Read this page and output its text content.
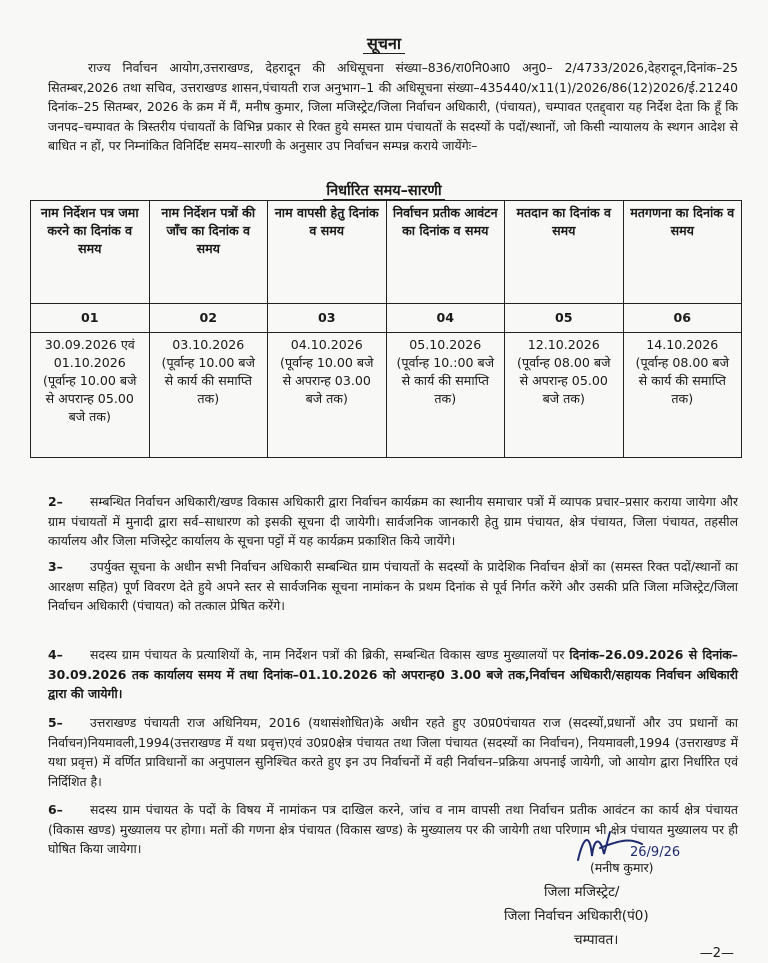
सूचना
राज्य निर्वाचन आयोग,उत्तराखण्ड, देहरादून की अधिसूचना संख्या–836/रा0नि0आ0 अनु0– 2/4733/2026,देहरादून,दिनांक–25 सितम्बर,2026 तथा सचिव, उत्तराखण्ड शासन,पंचायती राज अनुभाग–1 की अधिसूचना संख्या–435440/x11(1)/2026/86(12)2026/ई.21240 दिनांक–25 सितम्बर, 2026 के क्रम में मैं, मनीष कुमार, जिला मजिस्ट्रेट/जिला निर्वाचन अधिकारी, (पंचायत), चम्पावत एतद्द्वारा यह निर्देश देता कि हूँ कि जनपद–चम्पावत के त्रिस्तरीय पंचायतों के विभिन्न प्रकार से रिक्त हुये समस्त ग्राम पंचायतों के सदस्यों के पदों/स्थानों, जो किसी न्यायालय के स्थगन आदेश से बाधित न हों, पर निम्नांकित विनिर्दिष्ट समय–सारणी के अनुसार उप निर्वाचन सम्पन्न कराये जायेंगेः–
निर्धारित समय–सारणी
नाम निर्देशन पत्र जमा करने का दिनांक व समय	नाम निर्देशन पत्रों की जाँच का दिनांक व समय	नाम वापसी हेतु दिनांक व समय	निर्वाचन प्रतीक आवंटन का दिनांक व समय	मतदान का दिनांक व समय	मतगणना का दिनांक व समय
01	02	03	04	05	06
30.09.2026 एवं 01.10.2026 (पूर्वान्ह 10.00 बजे से अपरान्ह 05.00 बजे तक)	03.10.2026 (पूर्वान्ह 10.00 बजे से कार्य की समाप्ति तक)	04.10.2026 (पूर्वान्ह 10.00 बजे से अपरान्ह 03.00 बजे तक)	05.10.2026 (पूर्वान्ह 10.:00 बजे से कार्य की समाप्ति तक)	12.10.2026 (पूर्वान्ह 08.00 बजे से अपरान्ह 05.00 बजे तक)	14.10.2026 (पूर्वान्ह 08.00 बजे से कार्य की समाप्ति तक)
2– सम्बन्धित निर्वाचन अधिकारी/खण्ड विकास अधिकारी द्वारा निर्वाचन कार्यक्रम का स्थानीय समाचार पत्रों में व्यापक प्रचार–प्रसार कराया जायेगा और ग्राम पंचायतों में मुनादी द्वारा सर्व–साधारण को इसकी सूचना दी जायेगी। सार्वजनिक जानकारी हेतु ग्राम पंचायत, क्षेत्र पंचायत, जिला पंचायत, तहसील कार्यालय और जिला मजिस्ट्रेट कार्यालय के सूचना पट्टों में यह कार्यक्रम प्रकाशित किये जायेंगे।
3– उपर्युक्त सूचना के अधीन सभी निर्वाचन अधिकारी सम्बन्धित ग्राम पंचायतों के सदस्यों के प्रादेशिक निर्वाचन क्षेत्रों का (समस्त रिक्त पदों/स्थानों का आरक्षण सहित) पूर्ण विवरण देते हुये अपने स्तर से सार्वजनिक सूचना नामांकन के प्रथम दिनांक से पूर्व निर्गत करेंगे और उसकी प्रति जिला मजिस्ट्रेट/जिला निर्वाचन अधिकारी (पंचायत) को तत्काल प्रेषित करेंगे।
4– सदस्य ग्राम पंचायत के प्रत्याशियों के, नाम निर्देशन पत्रों की ब्रिकी, सम्बन्धित विकास खण्ड मुख्यालयों पर दिनांक–26.09.2026 से दिनांक–30.09.2026 तक कार्यालय समय में तथा दिनांक–01.10.2026 को अपरान्ह0 3.00 बजे तक,निर्वाचन अधिकारी/सहायक निर्वाचन अधिकारी द्वारा की जायेगी।
5– उत्तराखण्ड पंचायती राज अधिनियम, 2016 (यथासंशोधित)के अधीन रहते हुए उ0प्र0पंचायत राज (सदस्यों,प्रधानों और उप प्रधानों का निर्वाचन)नियमावली,1994(उत्तराखण्ड में यथा प्रवृत्त)एवं उ0प्र0क्षेत्र पंचायत तथा जिला पंचायत (सदस्यों का निर्वाचन), नियमावली,1994 (उत्तराखण्ड में यथा प्रवृत्त) में वर्णित प्राविधानों का अनुपालन सुनिश्चित करते हुए इन उप निर्वाचनों में वही निर्वाचन–प्रक्रिया अपनाई जायेगी, जो आयोग द्वारा निर्धारित एवं निर्दिशित है।
6– सदस्य ग्राम पंचायत के पदों के विषय में नामांकन पत्र दाखिल करने, जांच व नाम वापसी तथा निर्वाचन प्रतीक आवंटन का कार्य क्षेत्र पंचायत (विकास खण्ड) मुख्यालय पर होगा। मतों की गणना क्षेत्र पंचायत (विकास खण्ड) के मुख्यालय पर की जायेगी तथा परिणाम भी क्षेत्र पंचायत मुख्यालय पर ही घोषित किया जायेगा।	26/9/26
(मनीष कुमार)
जिला मजिस्ट्रेट/
जिला निर्वाचन अधिकारी(पं0)
चम्पावत।
—2—
